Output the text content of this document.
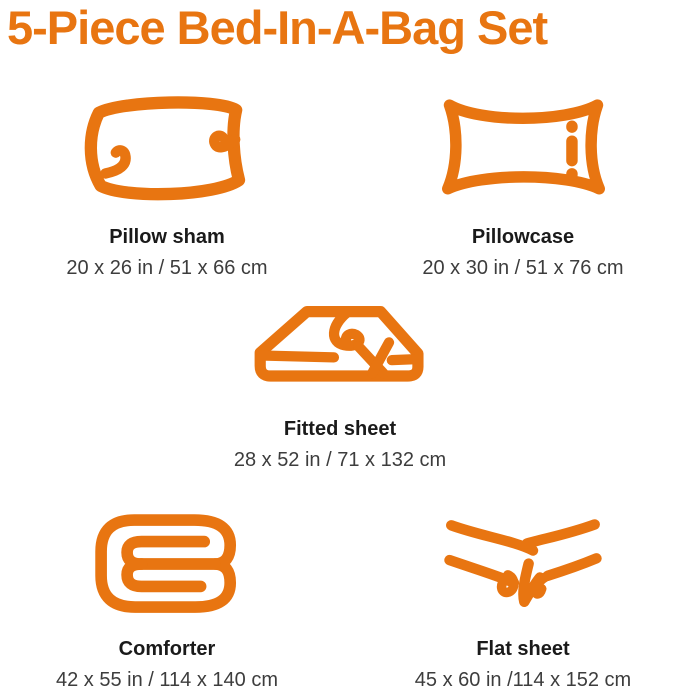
5-Piece Bed-In-A-Bag Set
Pillow sham
20 x 26 in / 51 x 66 cm
Pillowcase
20 x 30 in / 51 x 76 cm
Fitted sheet
28 x 52 in / 71 x 132 cm
Comforter
42 x 55 in / 114 x 140 cm
Flat sheet
45 x 60 in /114 x 152 cm
